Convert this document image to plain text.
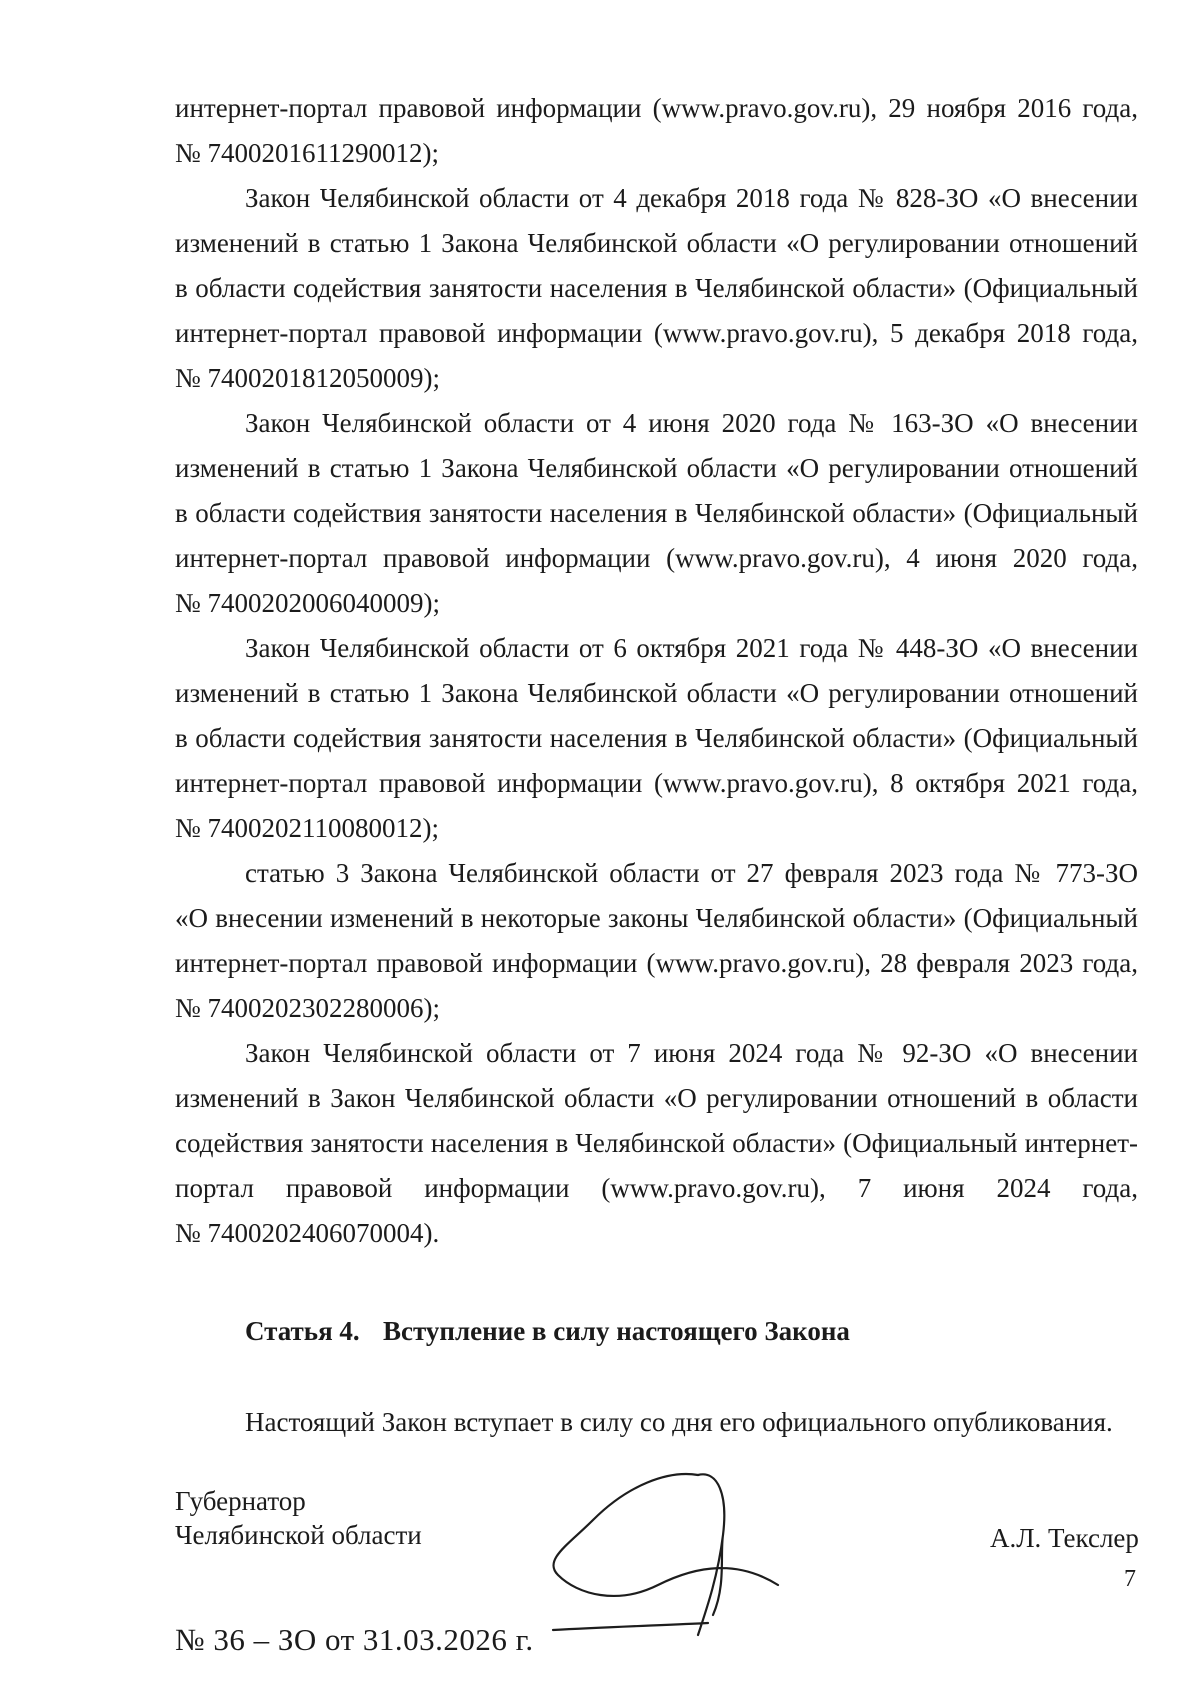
интернет-портал правовой информации (www.pravo.gov.ru), 29 ноября 2016 года,
№ 7400201611290012);
Закон Челябинской области от 4 декабря 2018 года № 828-ЗО «О внесении
изменений в статью 1 Закона Челябинской области «О регулировании отношений
в области содействия занятости населения в Челябинской области» (Официальный
интернет-портал правовой информации (www.pravo.gov.ru), 5 декабря 2018 года,
№ 7400201812050009);
Закон Челябинской области от 4 июня 2020 года № 163-ЗО «О внесении
изменений в статью 1 Закона Челябинской области «О регулировании отношений
в области содействия занятости населения в Челябинской области» (Официальный
интернет-портал правовой информации (www.pravo.gov.ru), 4 июня 2020 года,
№ 7400202006040009);
Закон Челябинской области от 6 октября 2021 года № 448-ЗО «О внесении
изменений в статью 1 Закона Челябинской области «О регулировании отношений
в области содействия занятости населения в Челябинской области» (Официальный
интернет-портал правовой информации (www.pravo.gov.ru), 8 октября 2021 года,
№ 7400202110080012);
статью 3 Закона Челябинской области от 27 февраля 2023 года № 773-ЗО
«О внесении изменений в некоторые законы Челябинской области» (Официальный
интернет-портал правовой информации (www.pravo.gov.ru), 28 февраля 2023 года,
№ 7400202302280006);
Закон Челябинской области от 7 июня 2024 года № 92-ЗО «О внесении
изменений в Закон Челябинской области «О регулировании отношений в области
содействия занятости населения в Челябинской области» (Официальный интернет-
портал правовой информации (www.pravo.gov.ru), 7 июня 2024 года,
№ 7400202406070004).
Статья 4. Вступление в силу настоящего Закона
Настоящий Закон вступает в силу со дня его официального опубликования.
Губернатор
Челябинской области	А.Л. Текслер
7
№ 36 – ЗО от 31.03.2026 г.
